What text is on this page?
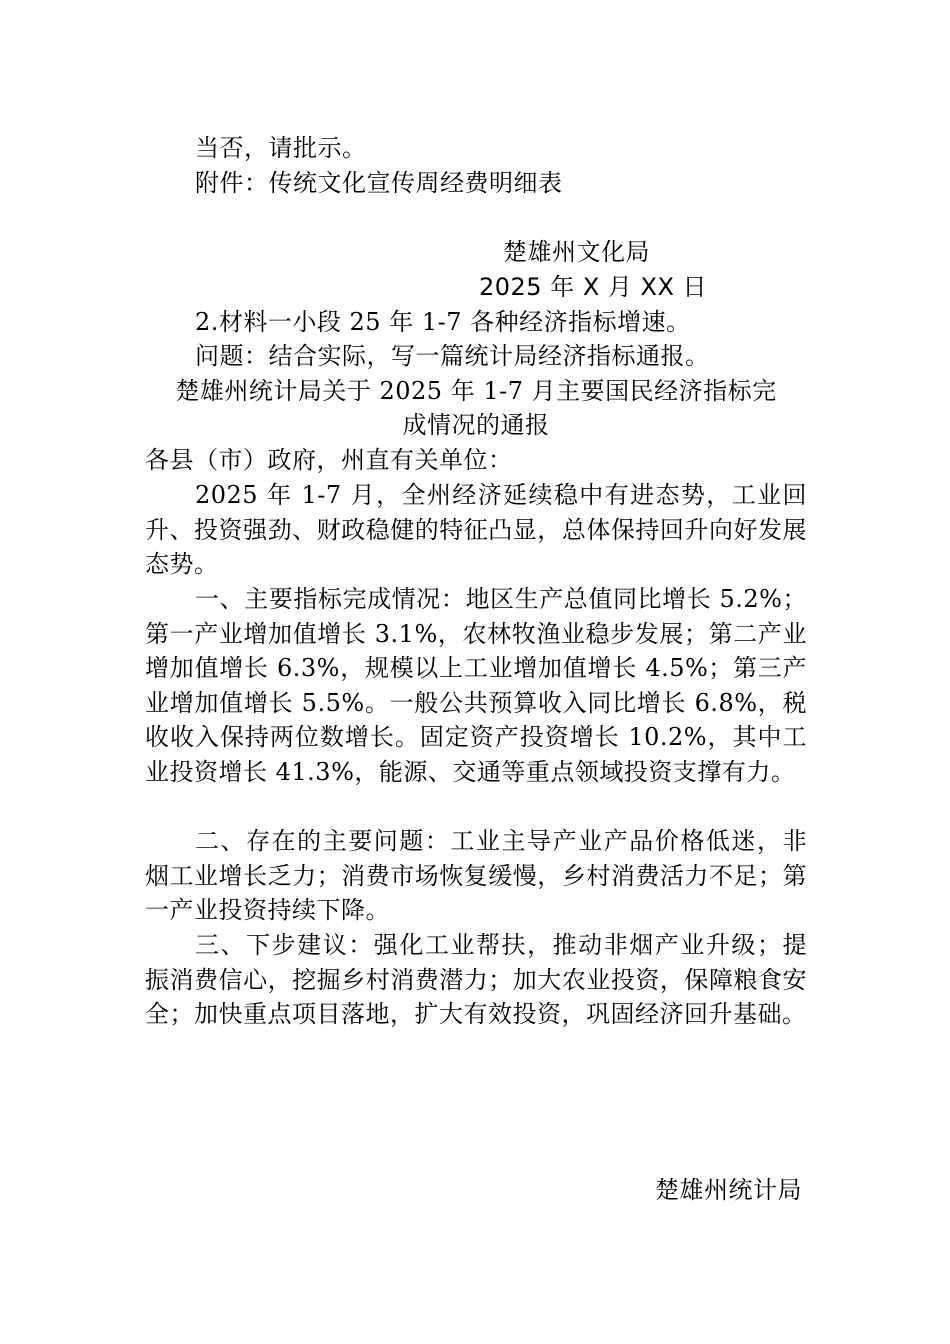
当否，请批示。
附件：传统文化宣传周经费明细表
楚雄州文化局
2025 年 X 月 XX 日
2.材料一小段 25 年 1-7 各种经济指标增速。
问题：结合实际，写一篇统计局经济指标通报。
楚雄州统计局关于 2025 年 1-7 月主要国民经济指标完
成情况的通报
各县（市）政府，州直有关单位：
2025 年 1-7 月，全州经济延续稳中有进态势，工业回升、投资强劲、财政稳健的特征凸显，总体保持回升向好发展态势。
一、主要指标完成情况：地区生产总值同比增长 5.2%；第一产业增加值增长 3.1%，农林牧渔业稳步发展；第二产业增加值增长 6.3%，规模以上工业增加值增长 4.5%；第三产业增加值增长 5.5%。一般公共预算收入同比增长 6.8%，税收收入保持两位数增长。固定资产投资增长 10.2%，其中工业投资增长 41.3%，能源、交通等重点领域投资支撑有力。
二、存在的主要问题：工业主导产业产品价格低迷，非烟工业增长乏力；消费市场恢复缓慢，乡村消费活力不足；第一产业投资持续下降。
三、下步建议：强化工业帮扶，推动非烟产业升级；提振消费信心，挖掘乡村消费潜力；加大农业投资，保障粮食安全；加快重点项目落地，扩大有效投资，巩固经济回升基础。
楚雄州统计局
